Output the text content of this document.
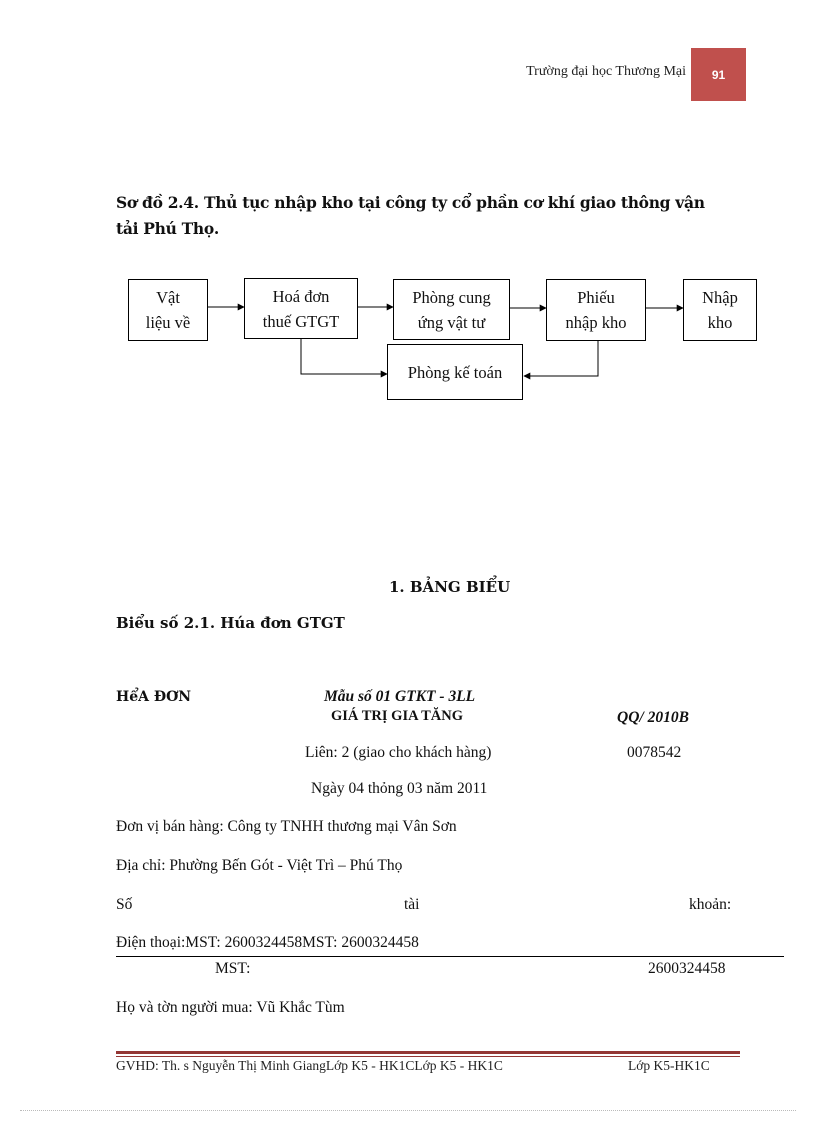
Trường đại học Thương Mại	91
Sơ đồ 2.4. Thủ tục nhập kho tại công ty cổ phần cơ khí giao thông vận tải Phú Thọ.
Vật
liệu về
Hoá đơn
thuế GTGT
Phòng cung
ứng vật tư
Phiếu
nhập kho
Nhập
kho
Phòng kế toán
1. BẢNG BIỂU
Biểu số 2.1. Húa đơn GTGT
HểA ĐƠN	Mẫu số 01 GTKT - 3LL
GIÁ TRỊ GIA TĂNG	QQ/ 2010B
Liên: 2 (giao cho khách hàng)	0078542
Ngày 04 thỏng 03 năm 2011
Đơn vị bán hàng: Công ty TNHH thương mại Vân Sơn
Địa chỉ: Phường Bến Gót - Việt Trì – Phú Thọ
Số	tài	khoản:
Điện thoại:MST: 2600324458MST: 2600324458
MST:	2600324458
Họ và tờn người mua: Vũ Khắc Tùm
GVHD: Th. s Nguyễn Thị Minh GiangLớp K5 - HK1CLớp K5 - HK1C	Lớp K5-HK1C
